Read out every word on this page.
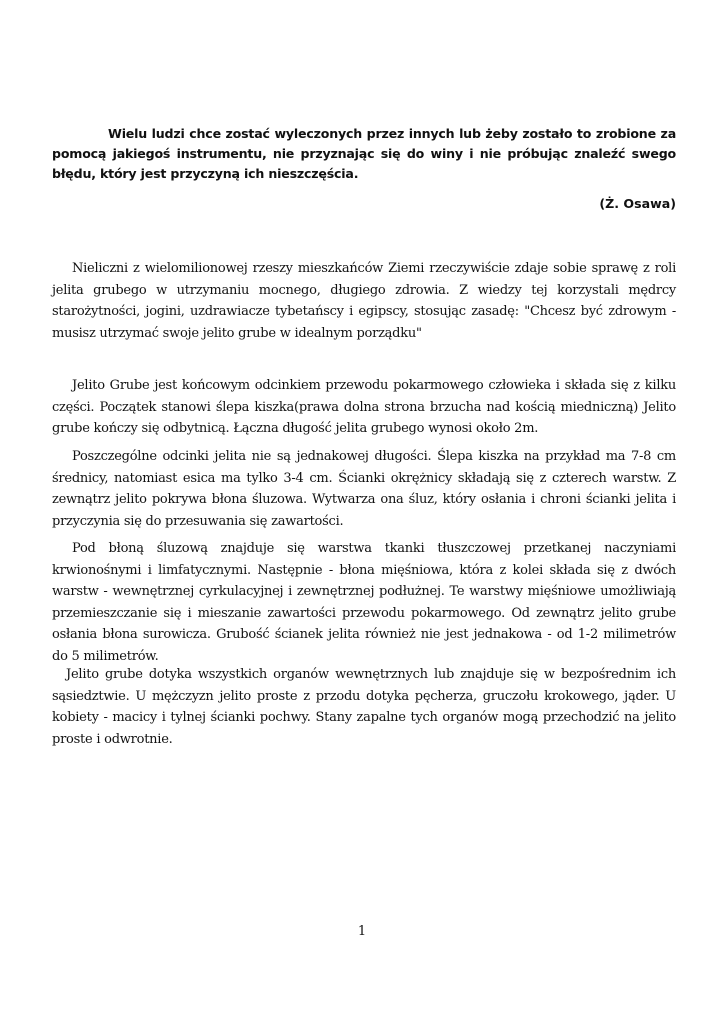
Wielu ludzi chce zostać wyleczonych przez innych lub żeby zostało to zrobione za pomocą jakiegoś instrumentu, nie przyznając się do winy i nie próbując znaleźć swego błędu, który jest przyczyną ich nieszczęścia.

(Ż. Osawa)

Nieliczni z wielomilionowej rzeszy mieszkańców Ziemi rzeczywiście zdaje sobie sprawę z roli jelita grubego w utrzymaniu mocnego, długiego zdrowia. Z wiedzy tej korzystali mędrcy starożytności, jogini, uzdrawiacze tybetańscy i egipscy, stosując zasadę: "Chcesz być zdrowym - musisz utrzymać swoje jelito grube w idealnym porządku"

Jelito Grube jest końcowym odcinkiem przewodu pokarmowego człowieka i składa się z kilku części. Początek stanowi ślepa kiszka(prawa dolna strona brzucha nad kością miedniczną) Jelito grube kończy się odbytnicą. Łączna długość jelita grubego wynosi około 2m.

Poszczególne odcinki jelita nie są jednakowej długości. Ślepa kiszka na przykład ma 7-8 cm średnicy, natomiast esica ma tylko 3-4 cm. Ścianki okrężnicy składają się z czterech warstw. Z zewnątrz jelito pokrywa błona śluzowa. Wytwarza ona śluz, który osłania i chroni ścianki jelita i przyczynia się do przesuwania się zawartości.

Pod błoną śluzową znajduje się warstwa tkanki tłuszczowej przetkanej naczyniami krwionośnymi i limfatycznymi. Następnie - błona mięśniowa, która z kolei składa się z dwóch warstw - wewnętrznej cyrkulacyjnej i zewnętrznej podłużnej. Te warstwy mięśniowe umożliwiają przemieszczanie się i mieszanie zawartości przewodu pokarmowego. Od zewnątrz jelito grube osłania błona surowicza. Grubość ścianek jelita również nie jest jednakowa - od 1-2 milimetrów do 5 milimetrów.

Jelito grube dotyka wszystkich organów wewnętrznych lub znajduje się w bezpośrednim ich sąsiedztwie. U mężczyzn jelito proste z przodu dotyka pęcherza, gruczołu krokowego, jąder. U kobiety - macicy i tylnej ścianki pochwy. Stany zapalne tych organów mogą przechodzić na jelito proste i odwrotnie.

1
